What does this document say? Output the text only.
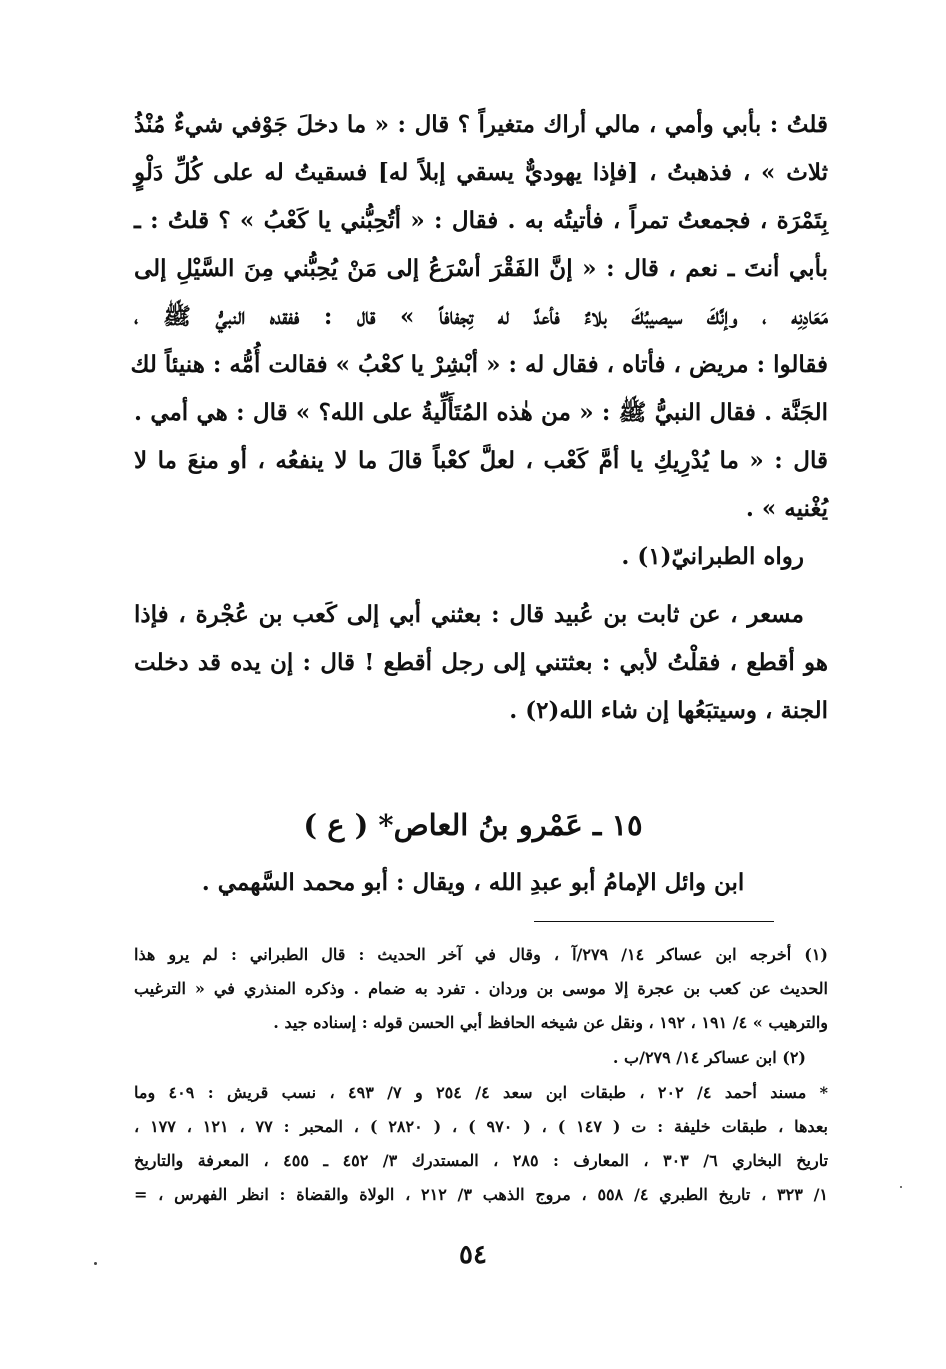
قلتُ : بأبي وأمي ، مالي أراك متغيراً ؟ قال : « ما دخلَ جَوْفي شيءٌ مُنْذُ
ثلاث » ، فذهبتُ ، [فإذا يهوديٌّ يسقي إبلاً له] فسقيتُ له على كُلِّ دَلْوٍ
بِتَمْرَة ، فجمعتُ تمراً ، فأتيتُه به . فقال : « أتُحِبُّني يا كَعْبُ » ؟ قلتُ : ـ
بأبي أنتَ ـ نعم ، قال : « إنَّ الفَقْرَ أسْرَعُ إلى مَنْ يُحِبُّني مِنَ السَّيْلِ إلى
مَعَادِنِه ، وإنَّكَ سيصيبُكَ بلاءٌ فأعدَّ له تِجفافاً » قال : ففقده النبيُّ ﷺ ،
فقالوا : مريض ، فأتاه ، فقال له : « أبْشِرْ يا كعْبُ » فقالت أُمُّه : هنيئاً لك
الجَنَّة . فقال النبيُّ ﷺ : « من هٰذه المُتَأَلِّيةُ على الله؟ » قال : هي أمي .
قال : « ما يُدْرِيكِ يا أمَّ كَعْب ، لعلَّ كعْباً قالَ ما لا ينفعُه ، أو منعَ ما لا
يُغْنيه » .
رواه الطبرانيّ(١) .
مسعر ، عن ثابت بن عُبيد قال : بعثني أبي إلى كَعب بن عُجْرة ، فإذا
هو أقطع ، فقلْتُ لأبي : بعثتني إلى رجل أقطع ! قال : إن يده قد دخلت
الجنة ، وسيتبَعُها إن شاء الله(٢) .
١٥ ـ عَمْرو بنُ العاص* ( ع )
ابن وائل الإمامُ أبو عبدِ الله ، ويقال : أبو محمد السَّهمي .
(١) أخرجه ابن عساكر ١٤/ ٢٧٩/آ ، وقال في آخر الحديث : قال الطبراني : لم يرو هذا
الحديث عن كعب بن عجرة إلا موسى بن وردان . تفرد به ضمام . وذكره المنذري في « الترغيب
والترهيب » ٤/ ١٩١ ، ١٩٢ ، ونقل عن شيخه الحافظ أبي الحسن قوله : إسناده جيد .
(٢) ابن عساكر ١٤/ ٢٧٩/ب .
* مسند أحمد ٤/ ٢٠٢ ، طبقات ابن سعد ٤/ ٢٥٤ و ٧/ ٤٩٣ ، نسب قريش : ٤٠٩ وما
بعدها ، طبقات خليفة : ت ( ١٤٧ ) ، ( ٩٧٠ ) ، ( ٢٨٢٠ ) ، المحبر : ٧٧ ، ١٢١ ، ١٧٧ ،
تاريخ البخاري ٦/ ٣٠٣ ، المعارف : ٢٨٥ ، المستدرك ٣/ ٤٥٢ ـ ٤٥٥ ، المعرفة والتاريخ
١/ ٣٢٣ ، تاريخ الطبري ٤/ ٥٥٨ ، مروج الذهب ٣/ ٢١٢ ، الولاة والقضاة : انظر الفهرس ، =
٥٤
